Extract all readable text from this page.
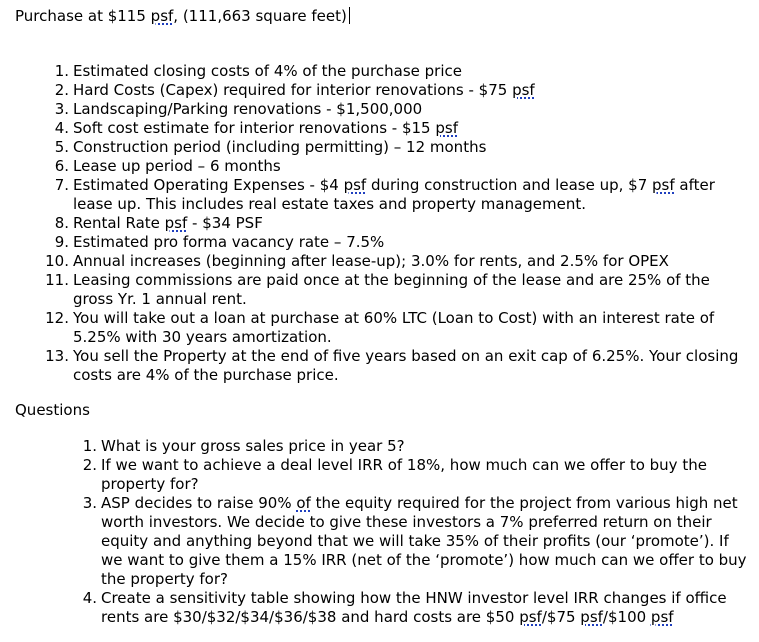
Purchase at $115 psf, (111,663 square feet)
1. Estimated closing costs of 4% of the purchase price
2. Hard Costs (Capex) required for interior renovations - $75 psf
3. Landscaping/Parking renovations - $1,500,000
4. Soft cost estimate for interior renovations - $15 psf
5. Construction period (including permitting) – 12 months
6. Lease up period – 6 months
7. Estimated Operating Expenses - $4 psf during construction and lease up, $7 psf after lease up. This includes real estate taxes and property management.
8. Rental Rate psf - $34 PSF
9. Estimated pro forma vacancy rate – 7.5%
10. Annual increases (beginning after lease-up); 3.0% for rents, and 2.5% for OPEX
11. Leasing commissions are paid once at the beginning of the lease and are 25% of the gross Yr. 1 annual rent.
12. You will take out a loan at purchase at 60% LTC (Loan to Cost) with an interest rate of 5.25% with 30 years amortization.
13. You sell the Property at the end of five years based on an exit cap of 6.25%. Your closing costs are 4% of the purchase price.
Questions
1. What is your gross sales price in year 5?
2. If we want to achieve a deal level IRR of 18%, how much can we offer to buy the property for?
3. ASP decides to raise 90% of the equity required for the project from various high net worth investors. We decide to give these investors a 7% preferred return on their equity and anything beyond that we will take 35% of their profits (our ‘promote’). If we want to give them a 15% IRR (net of the ‘promote’) how much can we offer to buy the property for?
4. Create a sensitivity table showing how the HNW investor level IRR changes if office rents are $30/$32/$34/$36/$38 and hard costs are $50 psf/$75 psf/$100 psf
